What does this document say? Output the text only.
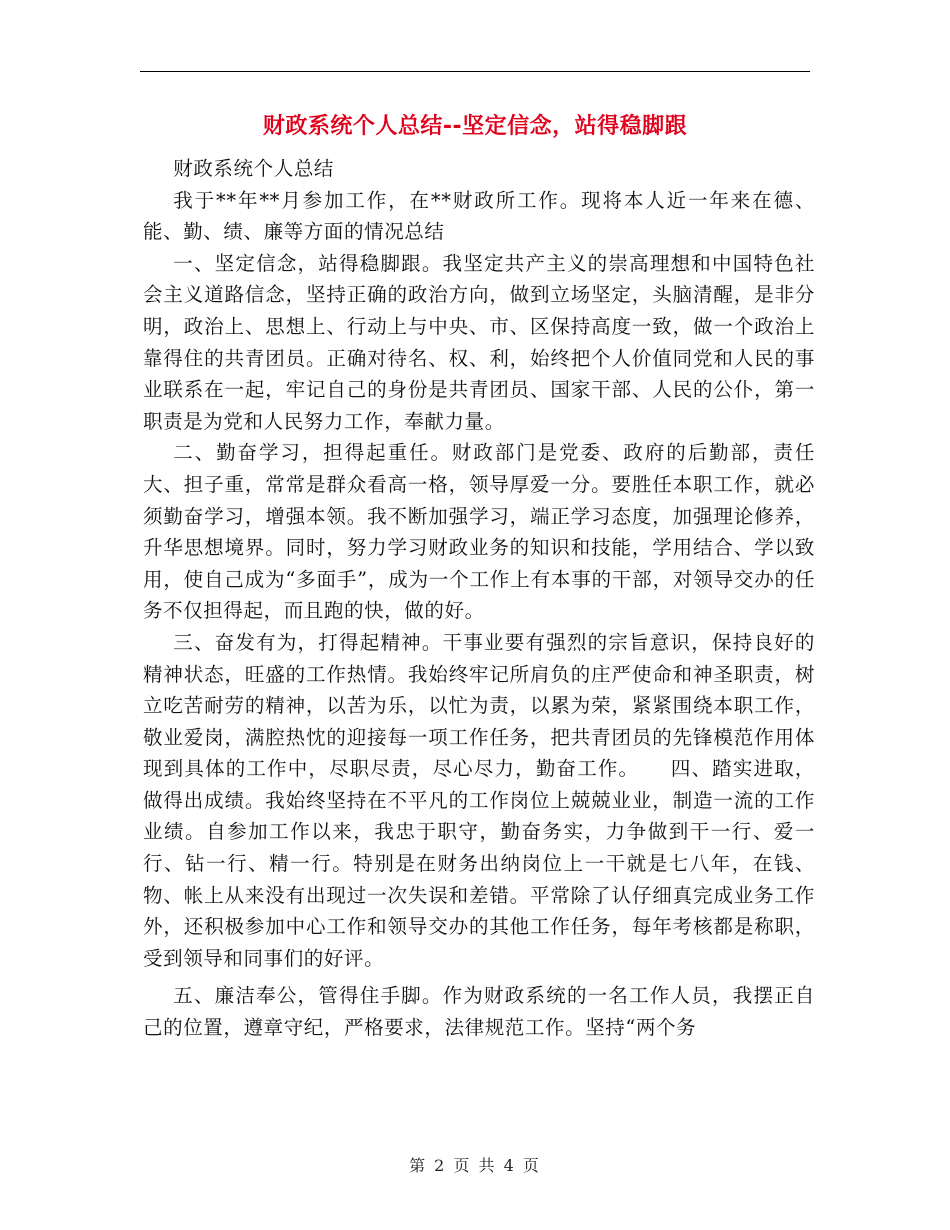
财政系统个人总结--坚定信念，站得稳脚跟

财政系统个人总结

我于**年**月参加工作，在**财政所工作。现将本人近一年来在德、能、勤、绩、廉等方面的情况总结

一、坚定信念，站得稳脚跟。我坚定共产主义的崇高理想和中国特色社会主义道路信念，坚持正确的政治方向，做到立场坚定，头脑清醒，是非分明，政治上、思想上、行动上与中央、市、区保持高度一致，做一个政治上靠得住的共青团员。正确对待名、权、利，始终把个人价值同党和人民的事业联系在一起，牢记自己的身份是共青团员、国家干部、人民的公仆，第一职责是为党和人民努力工作，奉献力量。

二、勤奋学习，担得起重任。财政部门是党委、政府的后勤部，责任大、担子重，常常是群众看高一格，领导厚爱一分。要胜任本职工作，就必须勤奋学习，增强本领。我不断加强学习，端正学习态度，加强理论修养，升华思想境界。同时，努力学习财政业务的知识和技能，学用结合、学以致用，使自己成为“多面手”，成为一个工作上有本事的干部，对领导交办的任务不仅担得起，而且跑的快，做的好。

三、奋发有为，打得起精神。干事业要有强烈的宗旨意识，保持良好的精神状态，旺盛的工作热情。我始终牢记所肩负的庄严使命和神圣职责，树立吃苦耐劳的精神，以苦为乐，以忙为责，以累为荣，紧紧围绕本职工作，敬业爱岗，满腔热忱的迎接每一项工作任务，把共青团员的先锋模范作用体现到具体的工作中，尽职尽责，尽心尽力，勤奋工作。　　四、踏实进取，做得出成绩。我始终坚持在不平凡的工作岗位上兢兢业业，制造一流的工作业绩。自参加工作以来，我忠于职守，勤奋务实，力争做到干一行、爱一行、钻一行、精一行。特别是在财务出纳岗位上一干就是七八年，在钱、物、帐上从来没有出现过一次失误和差错。平常除了认仔细真完成业务工作外，还积极参加中心工作和领导交办的其他工作任务，每年考核都是称职，受到领导和同事们的好评。

五、廉洁奉公，管得住手脚。作为财政系统的一名工作人员，我摆正自己的位置，遵章守纪，严格要求，法律规范工作。坚持“两个务

第 2 页 共 4 页
